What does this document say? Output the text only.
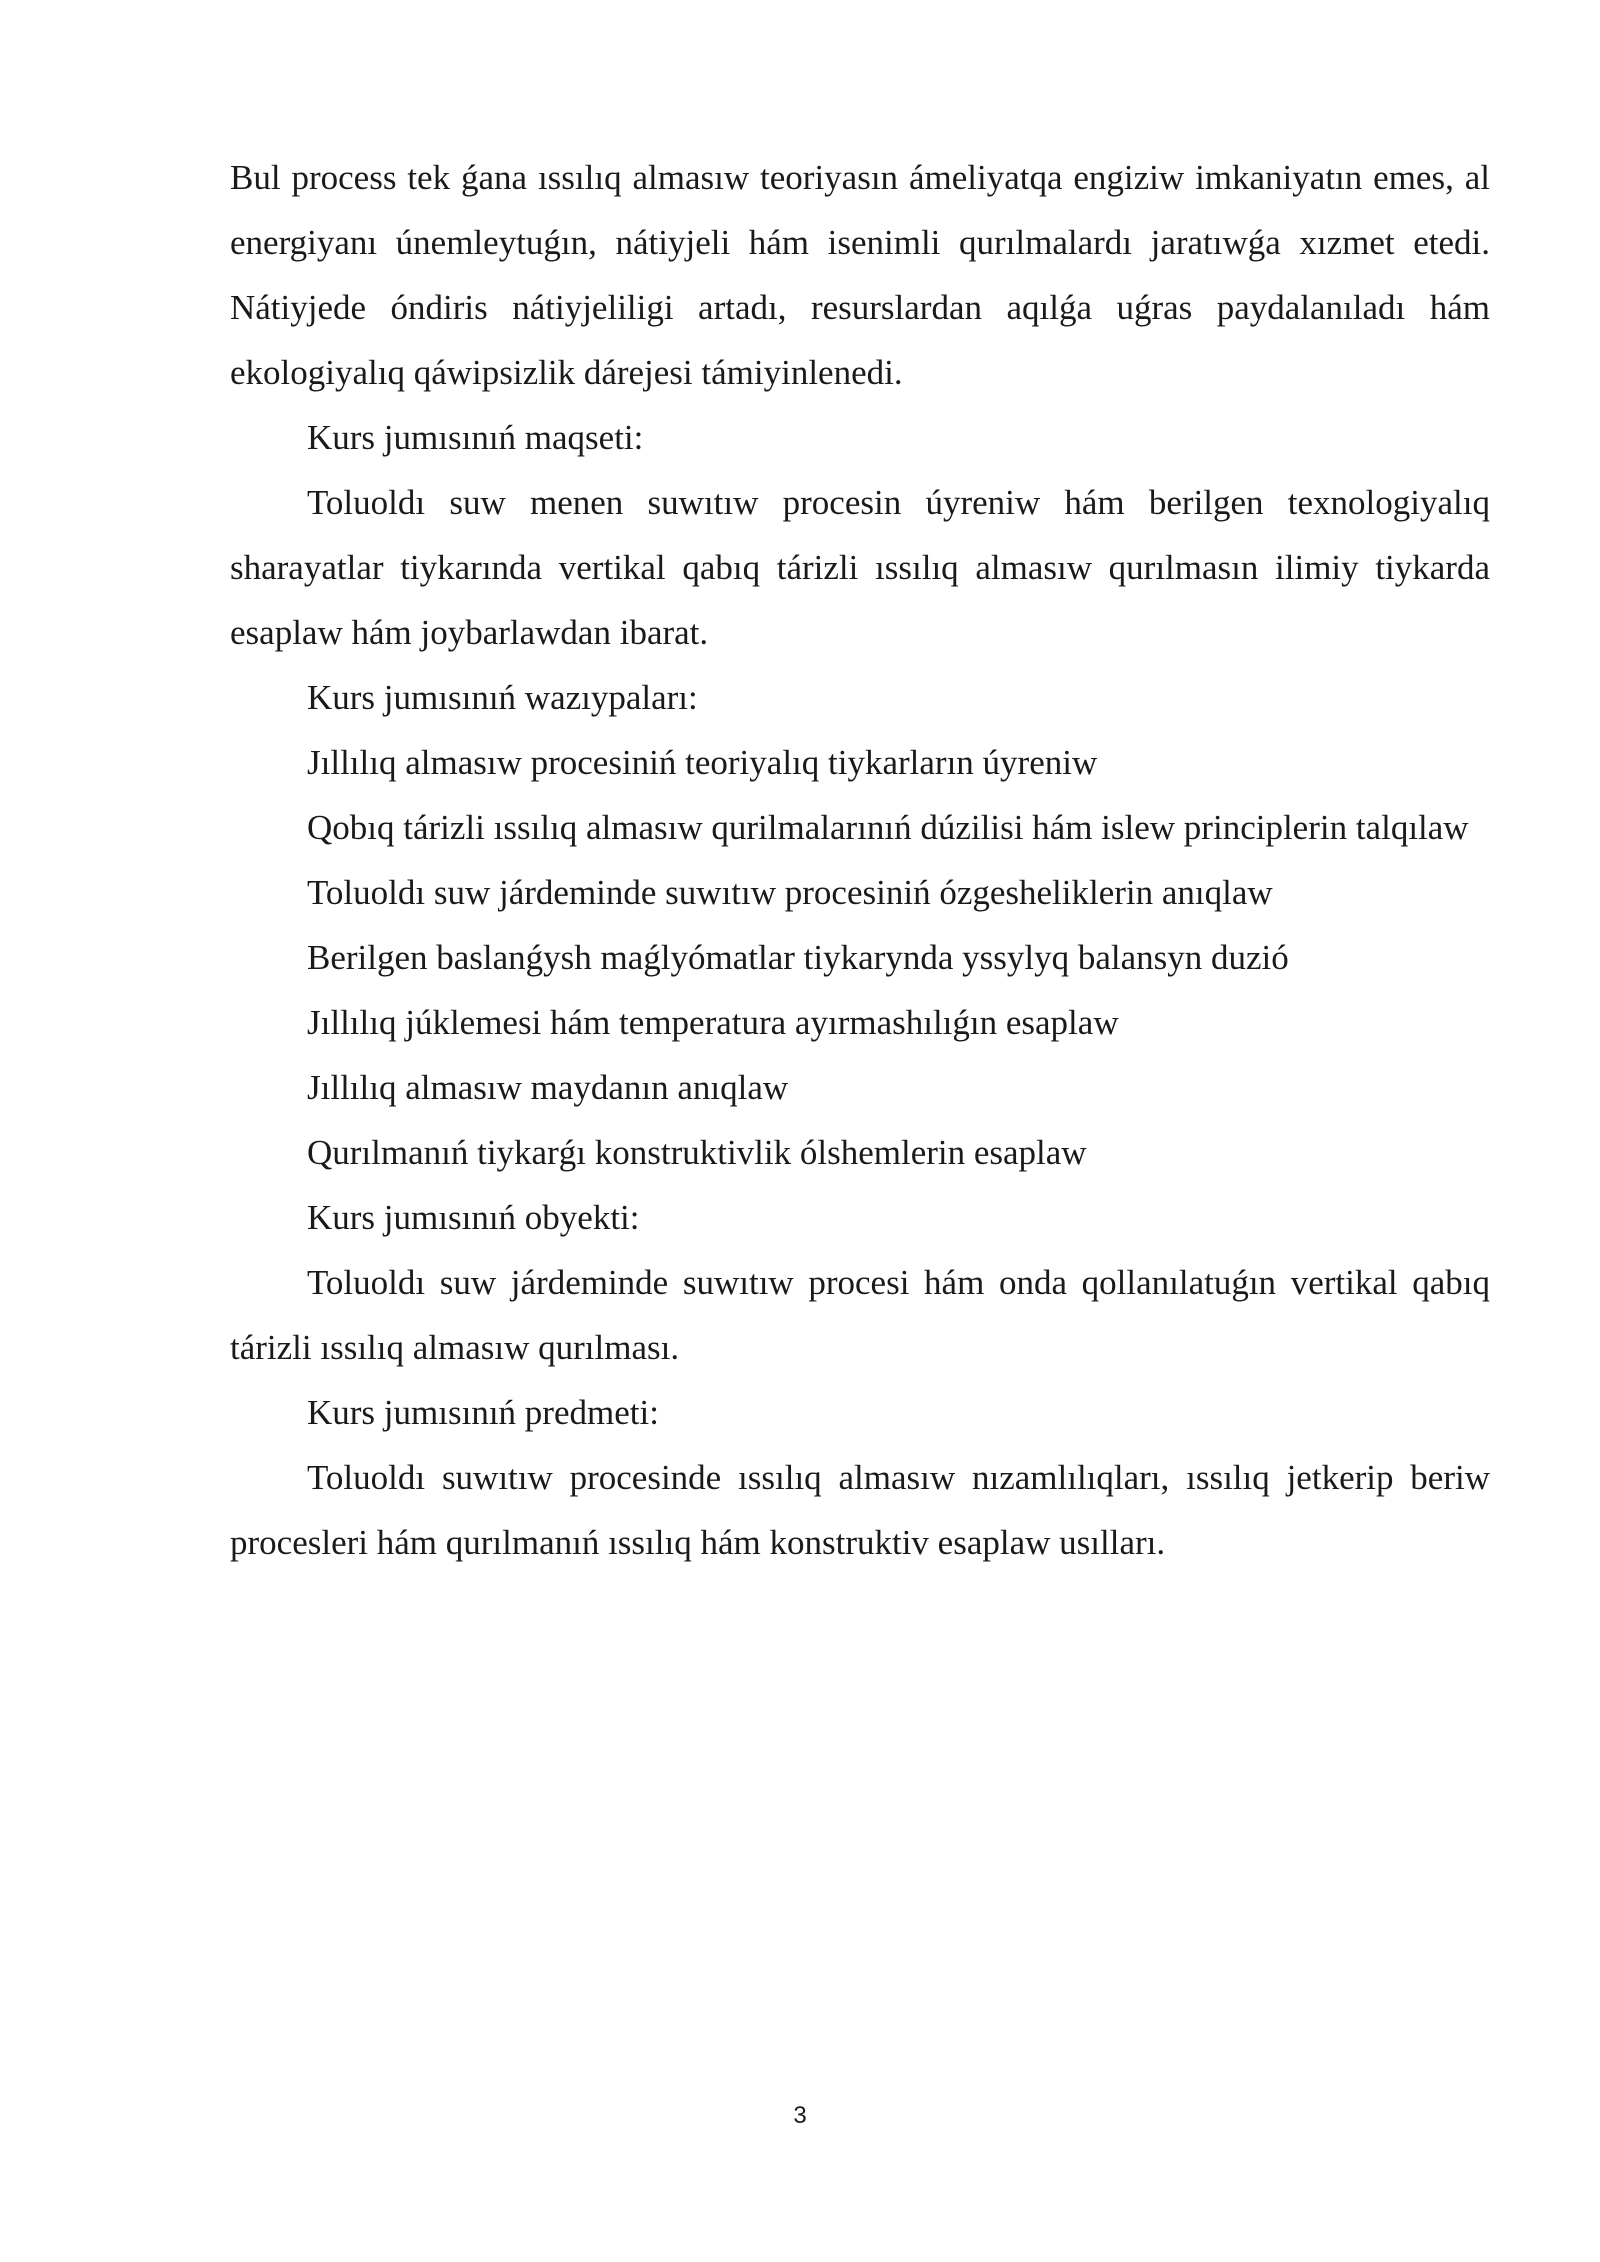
Bul process tek ǵana ıssılıq almasıw teoriyasın ámeliyatqa engiziw imkaniyatın emes, al energiyanı únemleytuǵın, nátiyjeli hám isenimli qurılmalardı jaratıwǵa xızmet etedi. Nátiyjede óndiris nátiyjeliligi artadı, resurslardan aqılǵa uǵras paydalanıladı hám ekologiyalıq qáwipsizlik dárejesi támiyinlenedi.

Kurs jumısınıń maqseti:

Toluoldı suw menen suwıtıw procesin úyreniw hám berilgen texnologiyalıq sharayatlar tiykarında vertikal qabıq tárizli ıssılıq almasıw qurılmasın ilimiy tiykarda esaplaw hám joybarlawdan ibarat.

Kurs jumısınıń wazıypaları:

Jıllılıq almasıw procesiniń teoriyalıq tiykarların úyreniw

Qobıq tárizli ıssılıq almasıw qurilmalarınıń dúzilisi hám islew principlerin talqılaw

Toluoldı suw járdeminde suwıtıw procesiniń ózgesheliklerin anıqlaw

Berilgen baslanǵysh maǵlyómatlar tiykarynda yssylyq balansyn duzió

Jıllılıq júklemesi hám temperatura ayırmashılıǵın esaplaw

Jıllılıq almasıw maydanın anıqlaw

Qurılmanıń tiykarǵı konstruktivlik ólshemlerin esaplaw

Kurs jumısınıń obyekti:

Toluoldı suw járdeminde suwıtıw procesi hám onda qollanılatuǵın vertikal qabıq tárizli ıssılıq almasıw qurılması.

Kurs jumısınıń predmeti:

Toluoldı suwıtıw procesinde ıssılıq almasıw nızamlılıqları, ıssılıq jetkerip beriw procesleri hám qurılmanıń ıssılıq hám konstruktiv esaplaw usılları.

3
